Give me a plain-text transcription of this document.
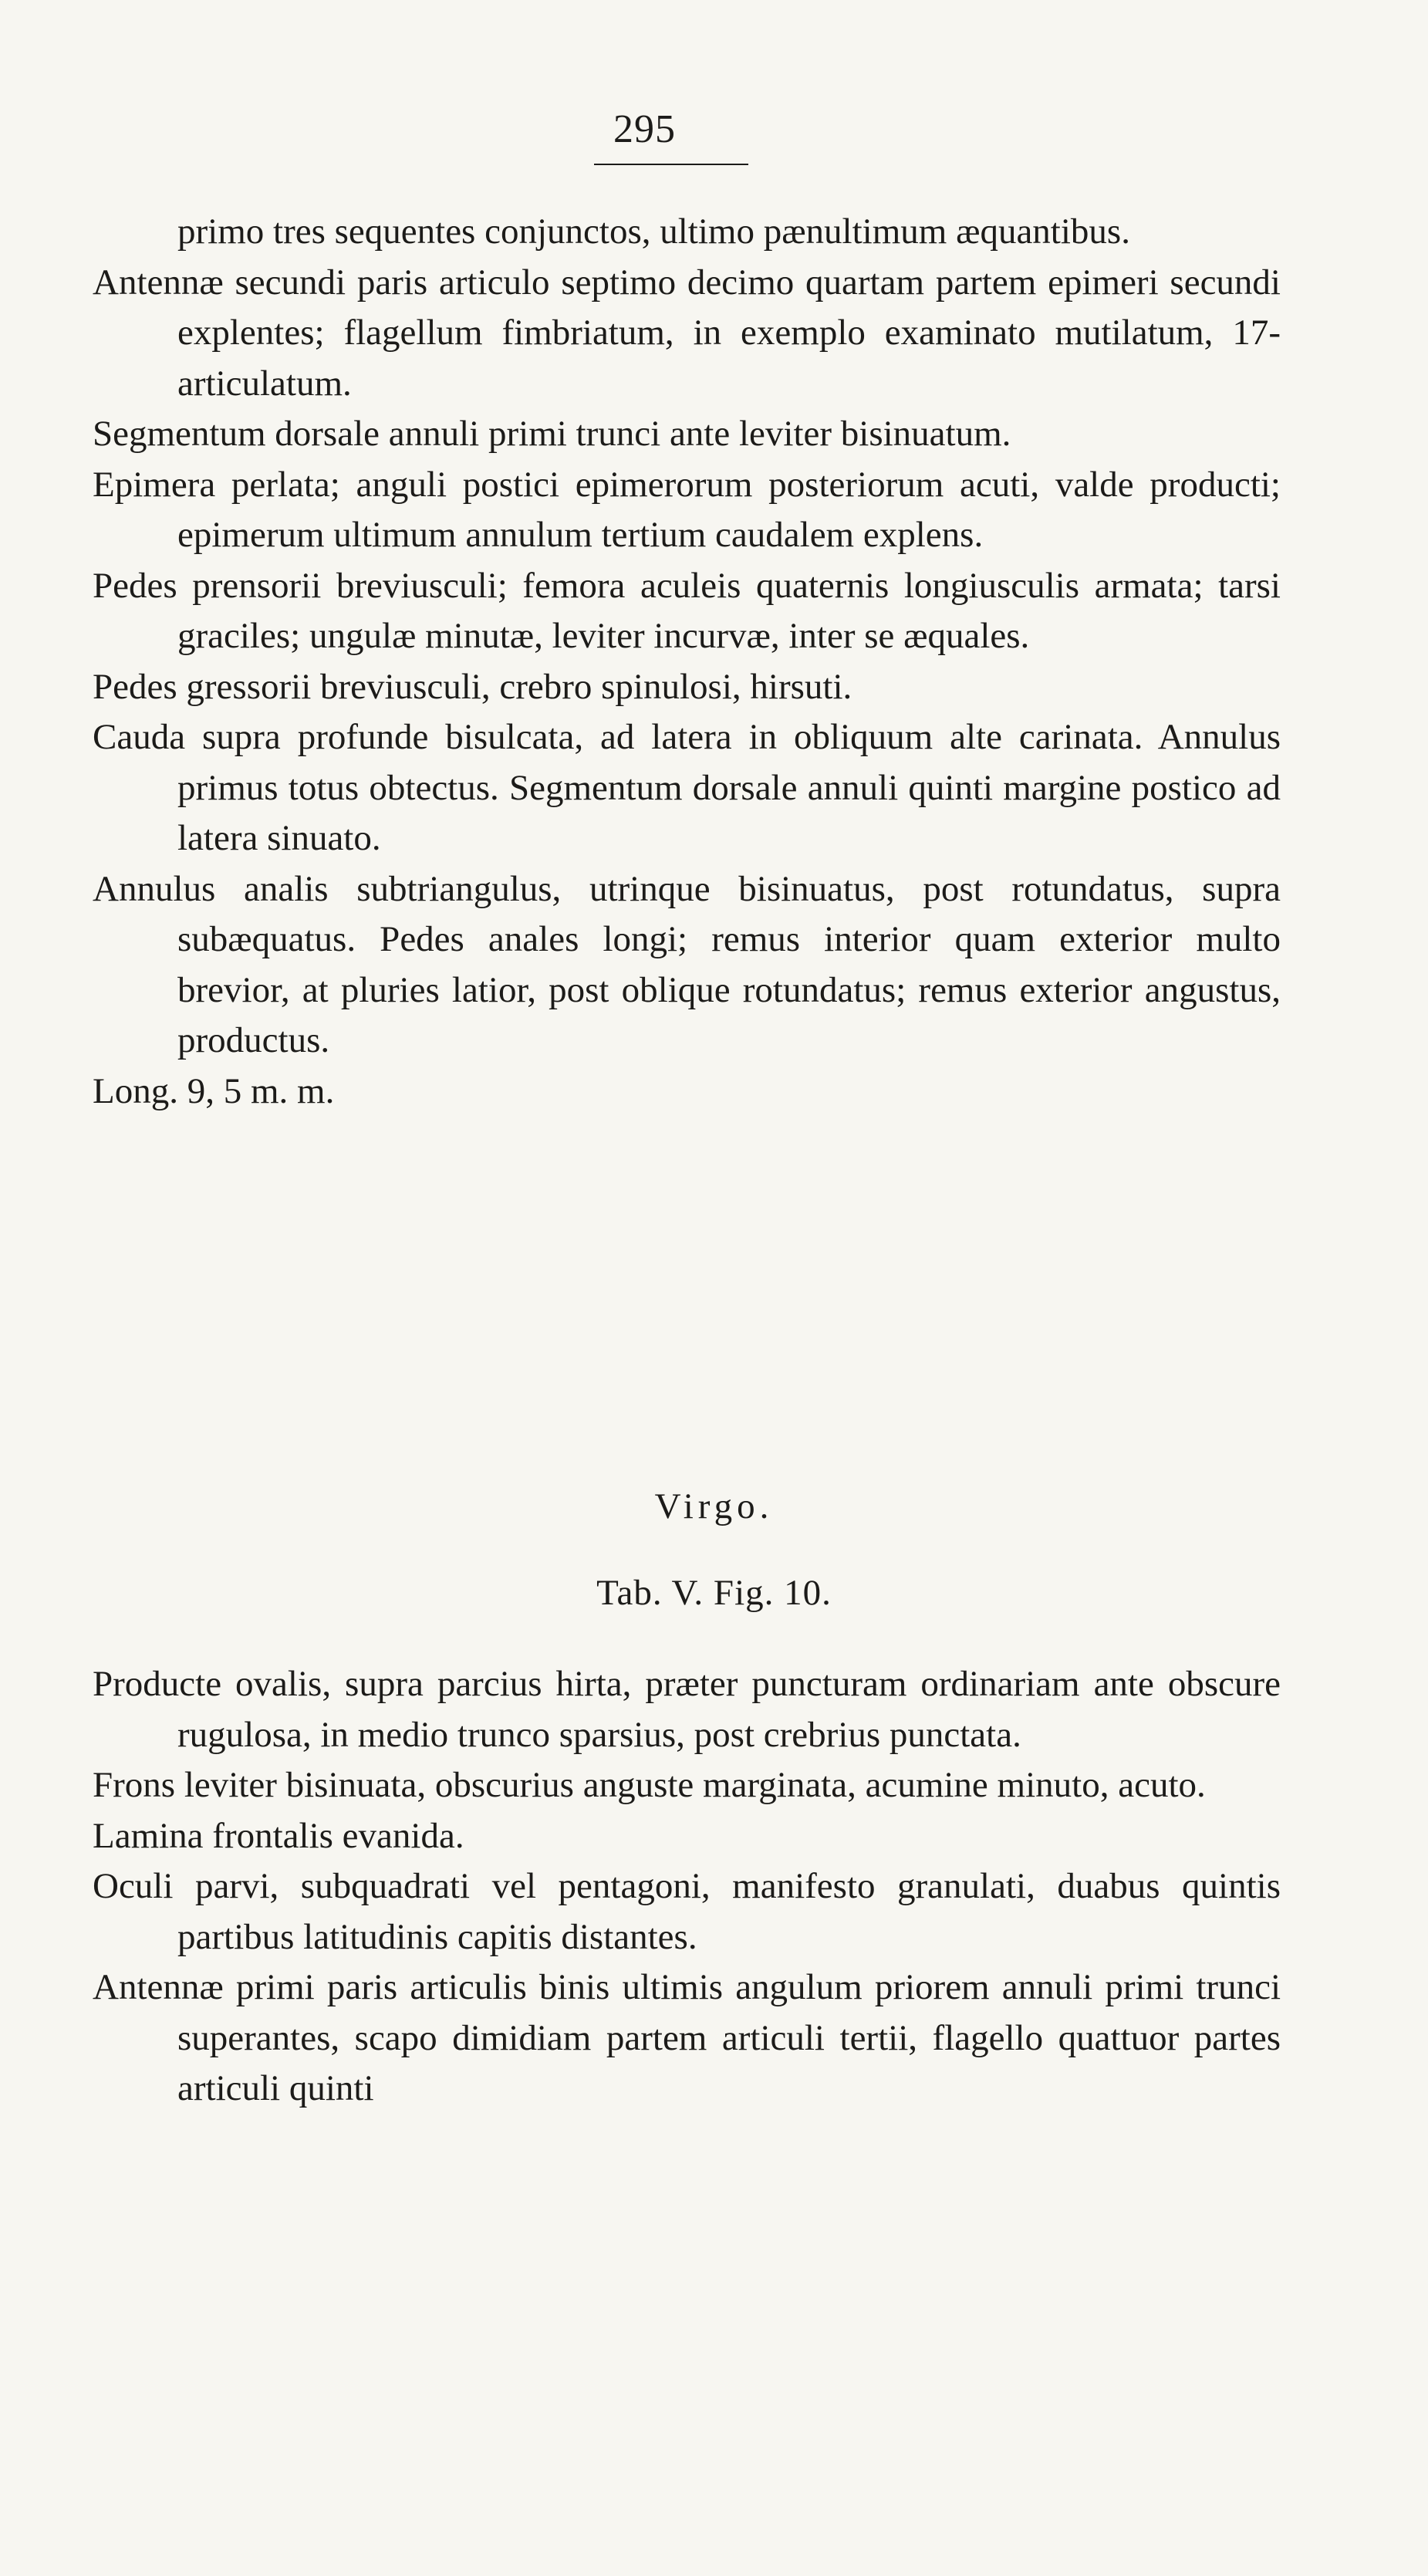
295

primo tres sequentes conjunctos, ultimo pænultimum æquantibus.

Antennæ secundi paris articulo septimo decimo quartam partem epimeri secundi explentes; flagellum fimbriatum, in exemplo examinato mutilatum, 17-articulatum.

Segmentum dorsale annuli primi trunci ante leviter bisinuatum.

Epimera perlata; anguli postici epimerorum posteriorum acuti, valde producti; epimerum ultimum annulum tertium caudalem explens.

Pedes prensorii breviusculi; femora aculeis quaternis longiusculis armata; tarsi graciles; ungulæ minutæ, leviter incurvæ, inter se æquales.

Pedes gressorii breviusculi, crebro spinulosi, hirsuti.

Cauda supra profunde bisulcata, ad latera in obliquum alte carinata. Annulus primus totus obtectus. Segmentum dorsale annuli quinti margine postico ad latera sinuato.

Annulus analis subtriangulus, utrinque bisinuatus, post rotundatus, supra subæquatus. Pedes anales longi; remus interior quam exterior multo brevior, at pluries latior, post oblique rotundatus; remus exterior angustus, productus.

Long. 9, 5 m. m.

Virgo.
Tab. V. Fig. 10.

Producte ovalis, supra parcius hirta, præter puncturam ordinariam ante obscure rugulosa, in medio trunco sparsius, post crebrius punctata.

Frons leviter bisinuata, obscurius anguste marginata, acumine minuto, acuto.

Lamina frontalis evanida.

Oculi parvi, subquadrati vel pentagoni, manifesto granulati, duabus quintis partibus latitudinis capitis distantes.

Antennæ primi paris articulis binis ultimis angulum priorem annuli primi trunci superantes, scapo dimidiam partem articuli tertii, flagello quattuor partes articuli quinti
